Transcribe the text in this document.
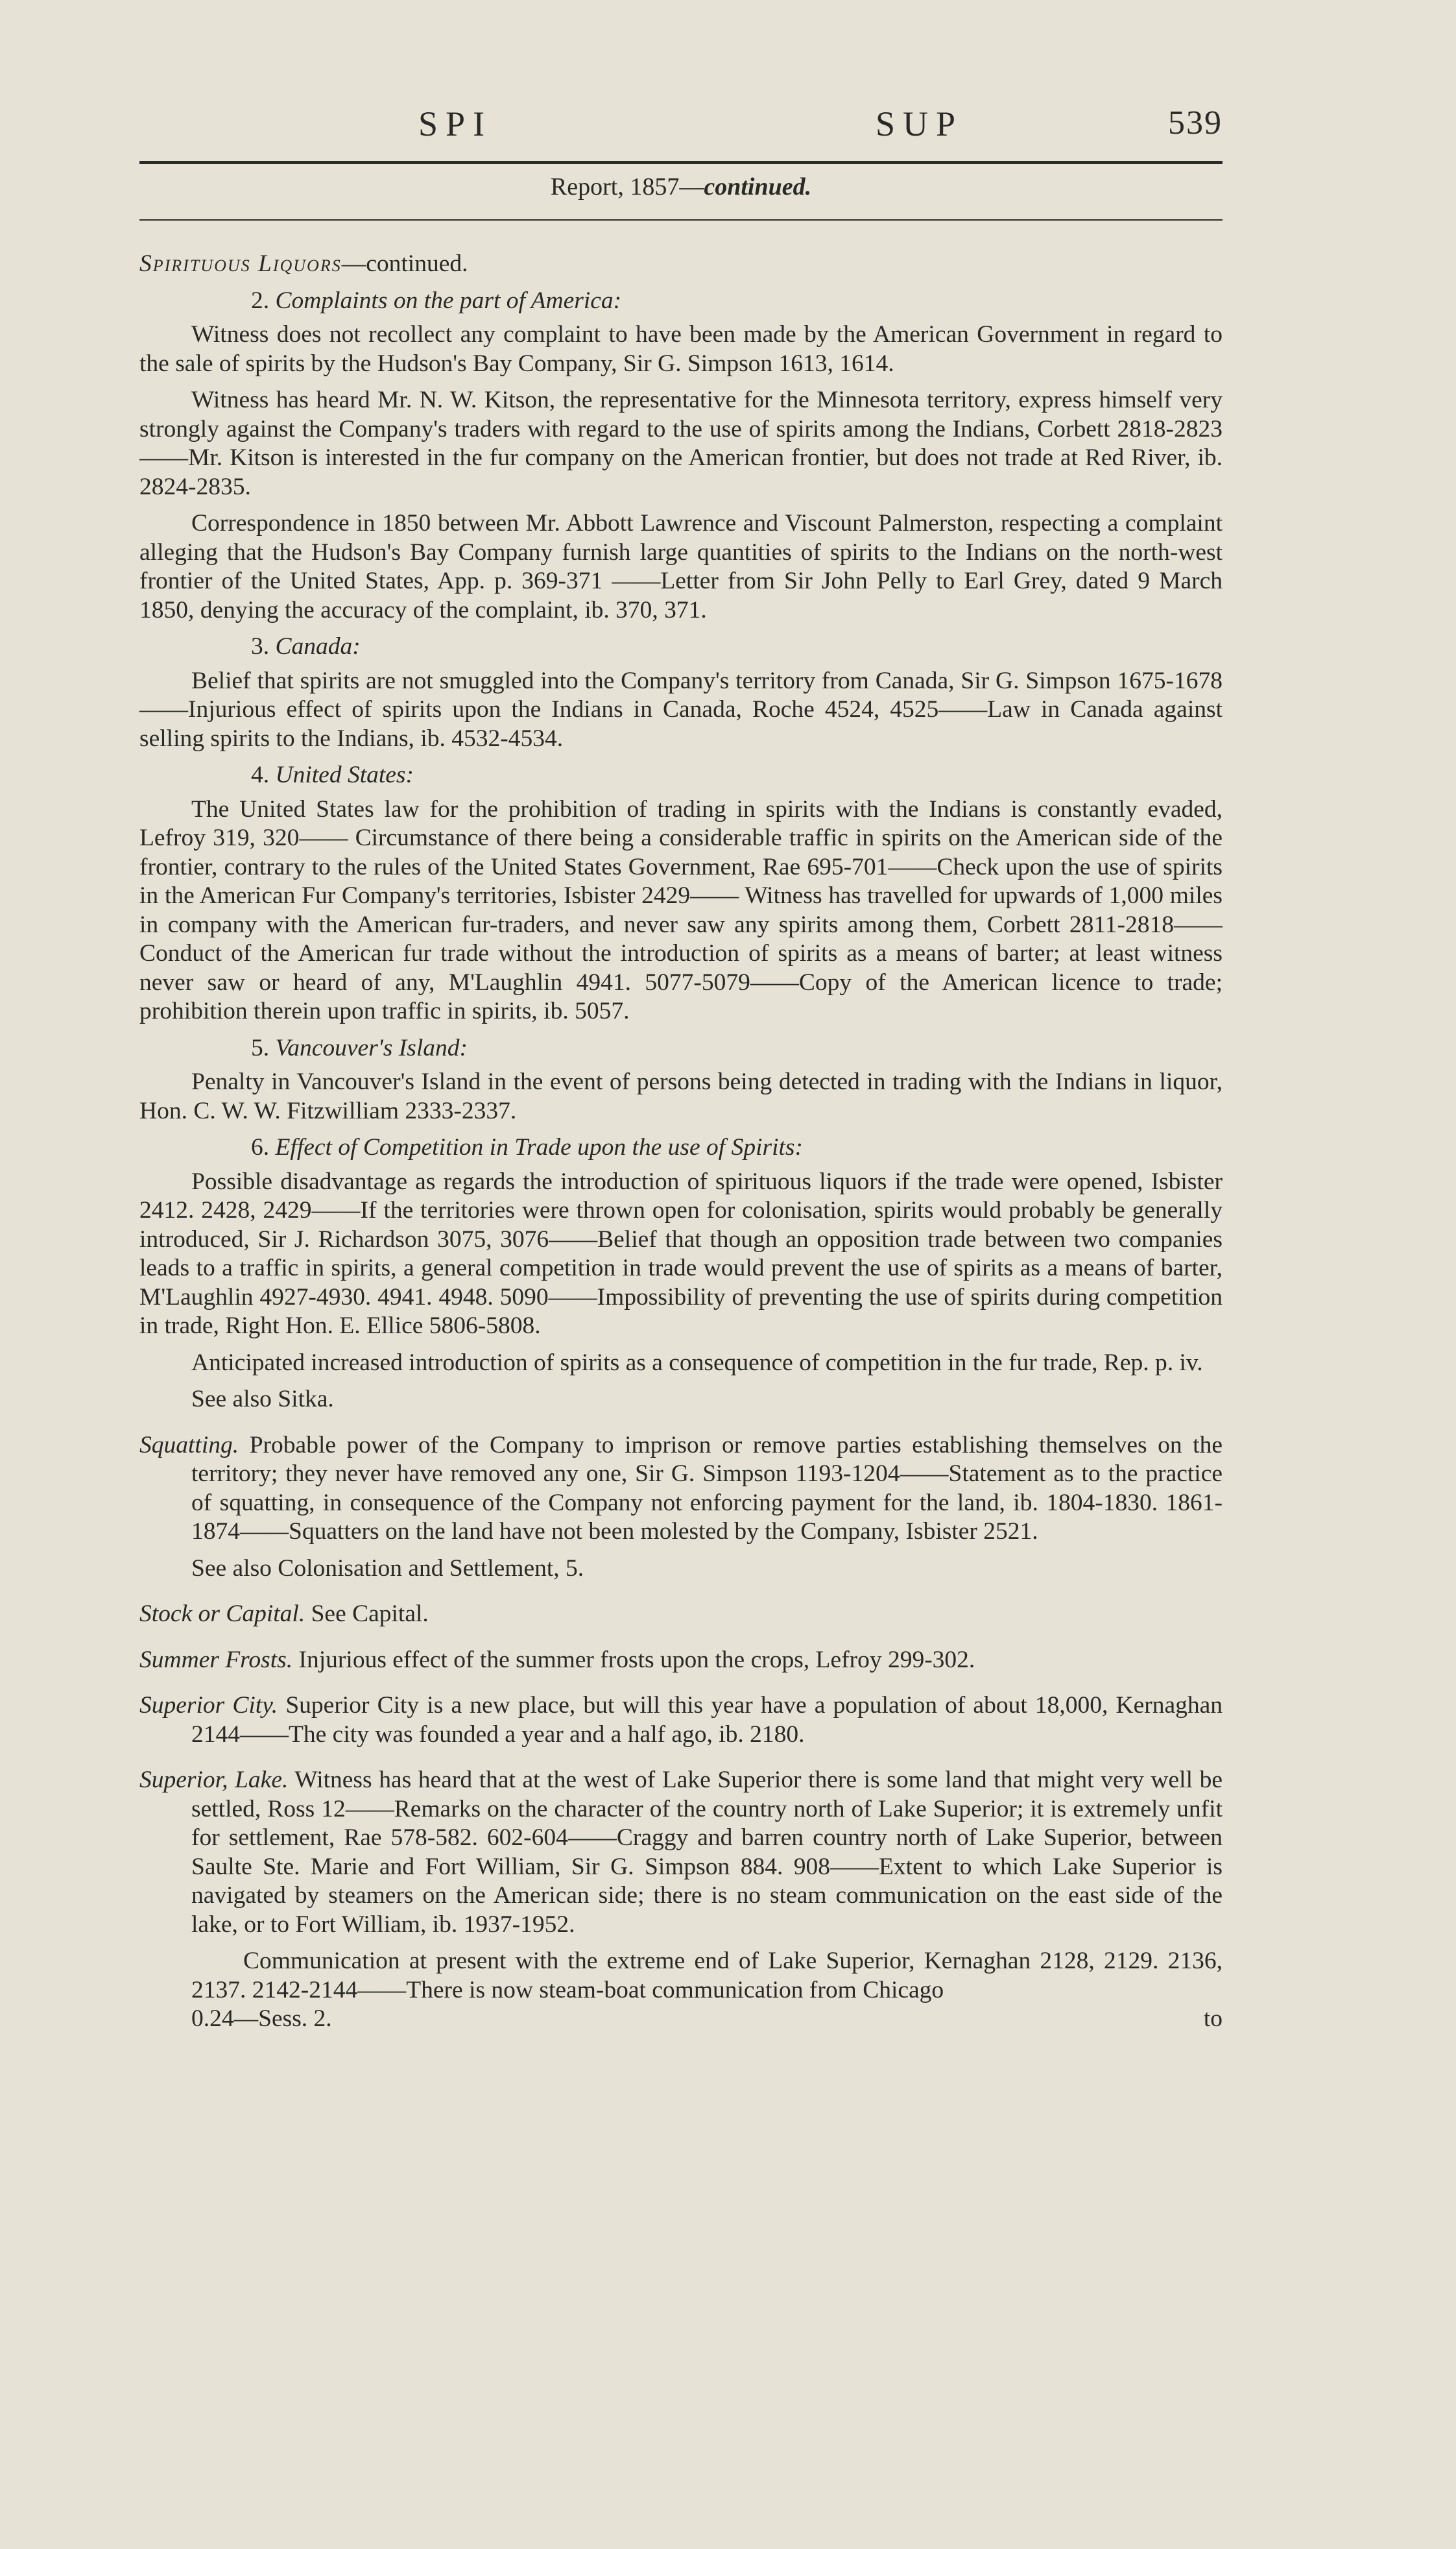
SPI	SUP	539
Report, 1857—continued.
Spirituous Liquors—continued.
2. Complaints on the part of America:

Witness does not recollect any complaint to have been made by the American Government in regard to the sale of spirits by the Hudson's Bay Company, Sir G. Simpson 1613, 1614.

Witness has heard Mr. N. W. Kitson, the representative for the Minnesota territory, express himself very strongly against the Company's traders with regard to the use of spirits among the Indians, Corbett 2818-2823——Mr. Kitson is interested in the fur company on the American frontier, but does not trade at Red River, ib. 2824-2835.

Correspondence in 1850 between Mr. Abbott Lawrence and Viscount Palmerston, respecting a complaint alleging that the Hudson's Bay Company furnish large quantities of spirits to the Indians on the north-west frontier of the United States, App. p. 369-371 ——Letter from Sir John Pelly to Earl Grey, dated 9 March 1850, denying the accuracy of the complaint, ib. 370, 371.

3. Canada:

Belief that spirits are not smuggled into the Company's territory from Canada, Sir G. Simpson 1675-1678——Injurious effect of spirits upon the Indians in Canada, Roche 4524, 4525——Law in Canada against selling spirits to the Indians, ib. 4532-4534.

4. United States:

The United States law for the prohibition of trading in spirits with the Indians is constantly evaded, Lefroy 319, 320—— Circumstance of there being a considerable traffic in spirits on the American side of the frontier, contrary to the rules of the United States Government, Rae 695-701——Check upon the use of spirits in the American Fur Company's territories, Isbister 2429—— Witness has travelled for upwards of 1,000 miles in company with the American fur-traders, and never saw any spirits among them, Corbett 2811-2818——Conduct of the American fur trade without the introduction of spirits as a means of barter; at least witness never saw or heard of any, M'Laughlin 4941. 5077-5079——Copy of the American licence to trade; prohibition therein upon traffic in spirits, ib. 5057.

5. Vancouver's Island:

Penalty in Vancouver's Island in the event of persons being detected in trading with the Indians in liquor, Hon. C. W. W. Fitzwilliam 2333-2337.

6. Effect of Competition in Trade upon the use of Spirits:

Possible disadvantage as regards the introduction of spirituous liquors if the trade were opened, Isbister 2412. 2428, 2429——If the territories were thrown open for colonisation, spirits would probably be generally introduced, Sir J. Richardson 3075, 3076——Belief that though an opposition trade between two companies leads to a traffic in spirits, a general competition in trade would prevent the use of spirits as a means of barter, M'Laughlin 4927-4930. 4941. 4948. 5090——Impossibility of preventing the use of spirits during competition in trade, Right Hon. E. Ellice 5806-5808.

Anticipated increased introduction of spirits as a consequence of competition in the fur trade, Rep. p. iv.

See also Sitka.

Squatting. Probable power of the Company to imprison or remove parties establishing themselves on the territory; they never have removed any one, Sir G. Simpson 1193-1204——Statement as to the practice of squatting, in consequence of the Company not enforcing payment for the land, ib. 1804-1830. 1861-1874——Squatters on the land have not been molested by the Company, Isbister 2521.

See also Colonisation and Settlement, 5.

Stock or Capital. See Capital.

Summer Frosts. Injurious effect of the summer frosts upon the crops, Lefroy 299-302.

Superior City. Superior City is a new place, but will this year have a population of about 18,000, Kernaghan 2144——The city was founded a year and a half ago, ib. 2180.

Superior, Lake. Witness has heard that at the west of Lake Superior there is some land that might very well be settled, Ross 12——Remarks on the character of the country north of Lake Superior; it is extremely unfit for settlement, Rae 578-582. 602-604——Craggy and barren country north of Lake Superior, between Saulte Ste. Marie and Fort William, Sir G. Simpson 884. 908——Extent to which Lake Superior is navigated by steamers on the American side; there is no steam communication on the east side of the lake, or to Fort William, ib. 1937-1952.

Communication at present with the extreme end of Lake Superior, Kernaghan 2128, 2129. 2136, 2137. 2142-2144——There is now steam-boat communication from Chicago

0.24—Sess. 2.	to
